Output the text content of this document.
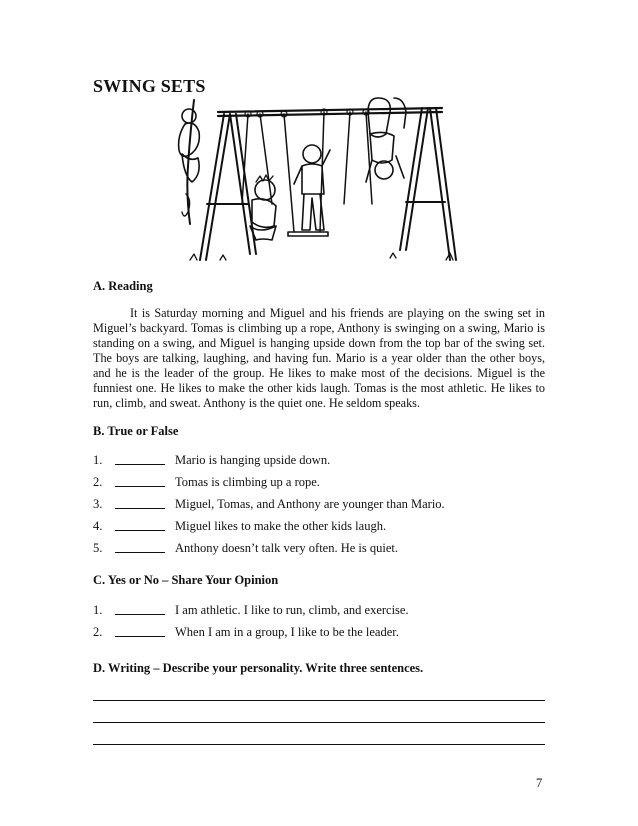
SWING SETS
A. Reading

It is Saturday morning and Miguel and his friends are playing on the swing set in Miguel’s backyard. Tomas is climbing up a rope, Anthony is swinging on a swing, Mario is standing on a swing, and Miguel is hanging upside down from the top bar of the swing set. The boys are talking, laughing, and having fun. Mario is a year older than the other boys, and he is the leader of the group. He likes to make most of the decisions. Miguel is the funniest one. He likes to make the other kids laugh. Tomas is the most athletic. He likes to run, climb, and sweat. Anthony is the quiet one. He seldom speaks.

B. True or False
1.	Mario is hanging upside down.
2.	Tomas is climbing up a rope.
3.	Miguel, Tomas, and Anthony are younger than Mario.
4.	Miguel likes to make the other kids laugh.
5.	Anthony doesn’t talk very often. He is quiet.
C. Yes or No – Share Your Opinion
1.	I am athletic. I like to run, climb, and exercise.
2.	When I am in a group, I like to be the leader.
D. Writing – Describe your personality. Write three sentences.
7
